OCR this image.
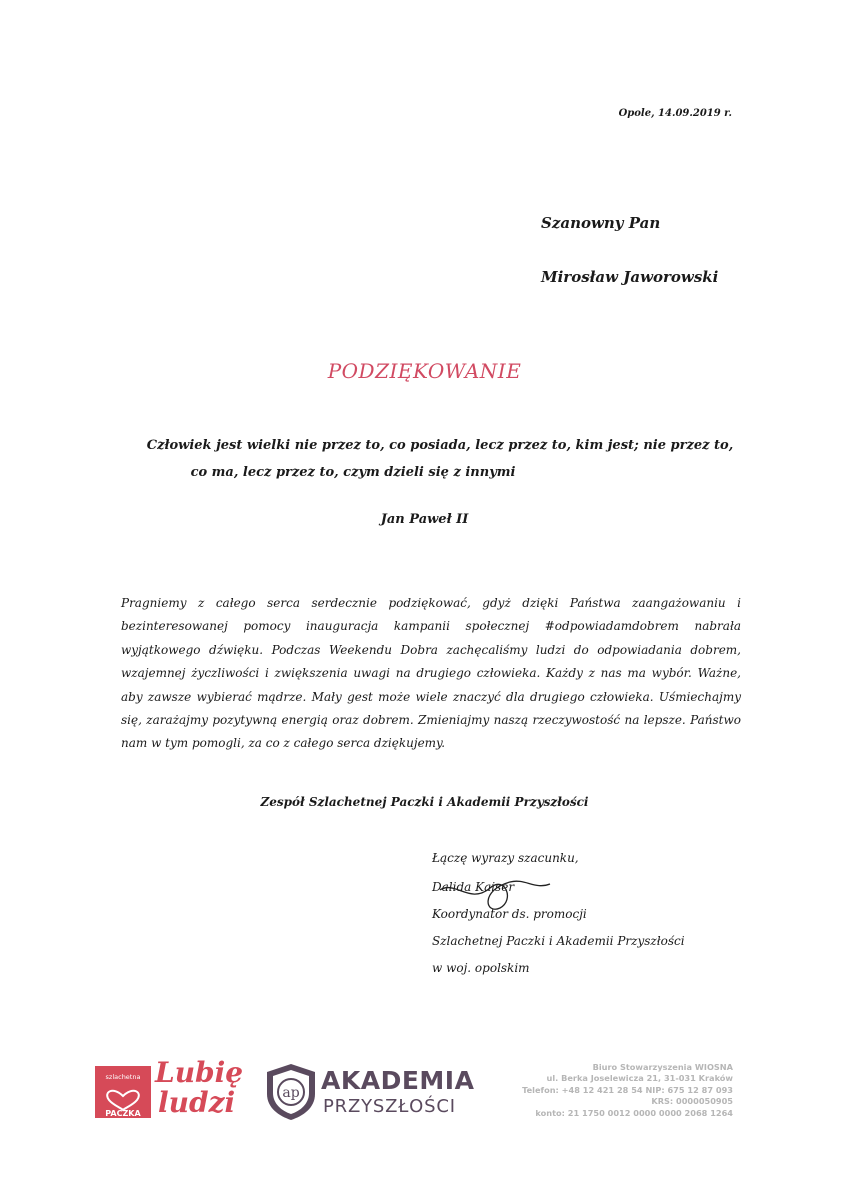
Opole, 14.09.2019 r.
Szanowny Pan
Mirosław Jaworowski
PODZIĘKOWANIE
Człowiek jest wielki nie przez to, co posiada, lecz przez to, kim jest; nie przez to,
co ma, lecz przez to, czym dzieli się z innymi
Jan Paweł II
Pragniemy z całego serca serdecznie podziękować, gdyż dzięki Państwa zaangażowaniu i bezinteresowanej pomocy inauguracja kampanii społecznej #odpowiadamdobrem nabrała wyjątkowego dźwięku. Podczas Weekendu Dobra zachęcaliśmy ludzi do odpowiadania dobrem, wzajemnej życzliwości i zwiększenia uwagi na drugiego człowieka. Każdy z nas ma wybór. Ważne, aby zawsze wybierać mądrze. Mały gest może wiele znaczyć dla drugiego człowieka. Uśmiechajmy się, zarażajmy pozytywną energią oraz dobrem. Zmieniajmy naszą rzeczywostość na lepsze. Państwo nam w tym pomogli, za co z całego serca dziękujemy.
Zespół Szlachetnej Paczki i Akademii Przyszłości
Łączę wyrazy szacunku,
Dalida Kaiser
Koordynator ds. promocji
Szlachetnej Paczki i Akademii Przyszłości
w woj. opolskim
szlachetna
PACZKA
Lubię
ludzi	ap AKADEMIA
PRZYSZŁOŚCI
Biuro Stowarzyszenia WIOSNA
ul. Berka Joselewicza 21, 31-031 Kraków
Telefon: +48 12 421 28 54 NIP: 675 12 87 093
KRS: 0000050905
konto: 21 1750 0012 0000 0000 2068 1264
